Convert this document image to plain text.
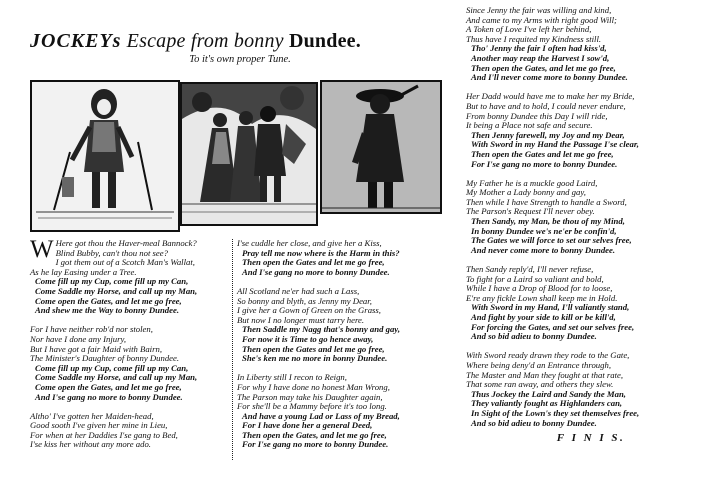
JOCKEYs Escape from bonny Dundee.
To it's own proper Tune.
W Here got thou the Haver-meal Bannock?
Blind Bubby, can't thou not see?
I got them out of a Scotch Man's Wallat,
As he lay Easing under a Tree.
Come fill up my Cup, come fill up my Can,
Come Saddle my Horse, and call up my Man,
Come open the Gates, and let me go free,
And shew me the Way to bonny Dundee.
For I have neither rob'd nor stolen,
Nor have I done any Injury,
But I have got a fair Maid with Bairn,
The Minister's Daughter of bonny Dundee.
Come fill up my Cup, come fill up my Can,
Come Saddle my Horse, and call up my Man,
Come open the Gates, and let me go free,
And I'se gang no more to bonny Dundee.
Altho' I've gotten her Maiden-head,
Good sooth I've given her mine in Lieu,
For when at her Daddies I'se gang to Bed,
I'se kiss her without any more ado.
I'se cuddle her close, and give her a Kiss,
Pray tell me now where is the Harm in this?
Then open the Gates and let me go free,
And I'se gang no more to bonny Dundee.
All Scotland ne'er had such a Lass,
So bonny and blyth, as Jenny my Dear,
I give her a Gown of Green on the Grass,
But now I no longer must tarry here.
Then Saddle my Nagg that's bonny and gay,
For now it is Time to go hence away,
Then open the Gates and let me go free,
She's ken me no more in bonny Dundee.
In Liberty still I recon to Reign,
For why I have done no honest Man Wrong,
The Parson may take his Daughter again,
For she'll be a Mammy before it's too long.
And have a young Lad or Lass of my Bread,
For I have done her a general Deed,
Then open the Gates, and let me go free,
For I'se gang no more to bonny Dundee.
Since Jenny the fair was willing and kind,
And came to my Arms with right good Will;
A Token of Love I've left her behind,
Thus have I requited my Kindness still.
Tho' Jenny the fair I often had kiss'd,
Another may reap the Harvest I sow'd,
Then open the Gates, and let me go free,
And I'll never come more to bonny Dundee.
Her Dadd would have me to make her my Bride,
But to have and to hold, I could never endure,
From bonny Dundee this Day I will ride,
It being a Place not safe and secure.
Then Jenny farewell, my Joy and my Dear,
With Sword in my Hand the Passage I'se clear,
Then open the Gates and let me go free,
For I'se gang no more to bonny Dundee.
My Father he is a muckle good Laird,
My Mother a Lady bonny and gay,
Then while I have Strength to handle a Sword,
The Parson's Request I'll never obey.
Then Sandy, my Man, be thou of my Mind,
In bonny Dundee we's ne'er be confin'd,
The Gates we will force to set our selves free,
And never come more to bonny Dundee.
Then Sandy reply'd, I'll never refuse,
To fight for a Laird so valiant and bold,
While I have a Drop of Blood for to loose,
E're any fickle Lown shall keep me in Hold.
With Sword in my Hand, I'll valiantly stand,
And fight by your side to kill or be kill'd,
For forcing the Gates, and set our selves free,
And so bid adieu to bonny Dundee.
With Sword ready drawn they rode to the Gate,
Where being deny'd an Entrance through,
The Master and Man they fought at that rate,
That some ran away, and others they slew.
Thus Jockey the Laird and Sandy the Man,
They valiantly fought as Highlanders can,
In Sight of the Lown's they set themselves free,
And so bid adieu to bonny Dundee.
F I N I S.
